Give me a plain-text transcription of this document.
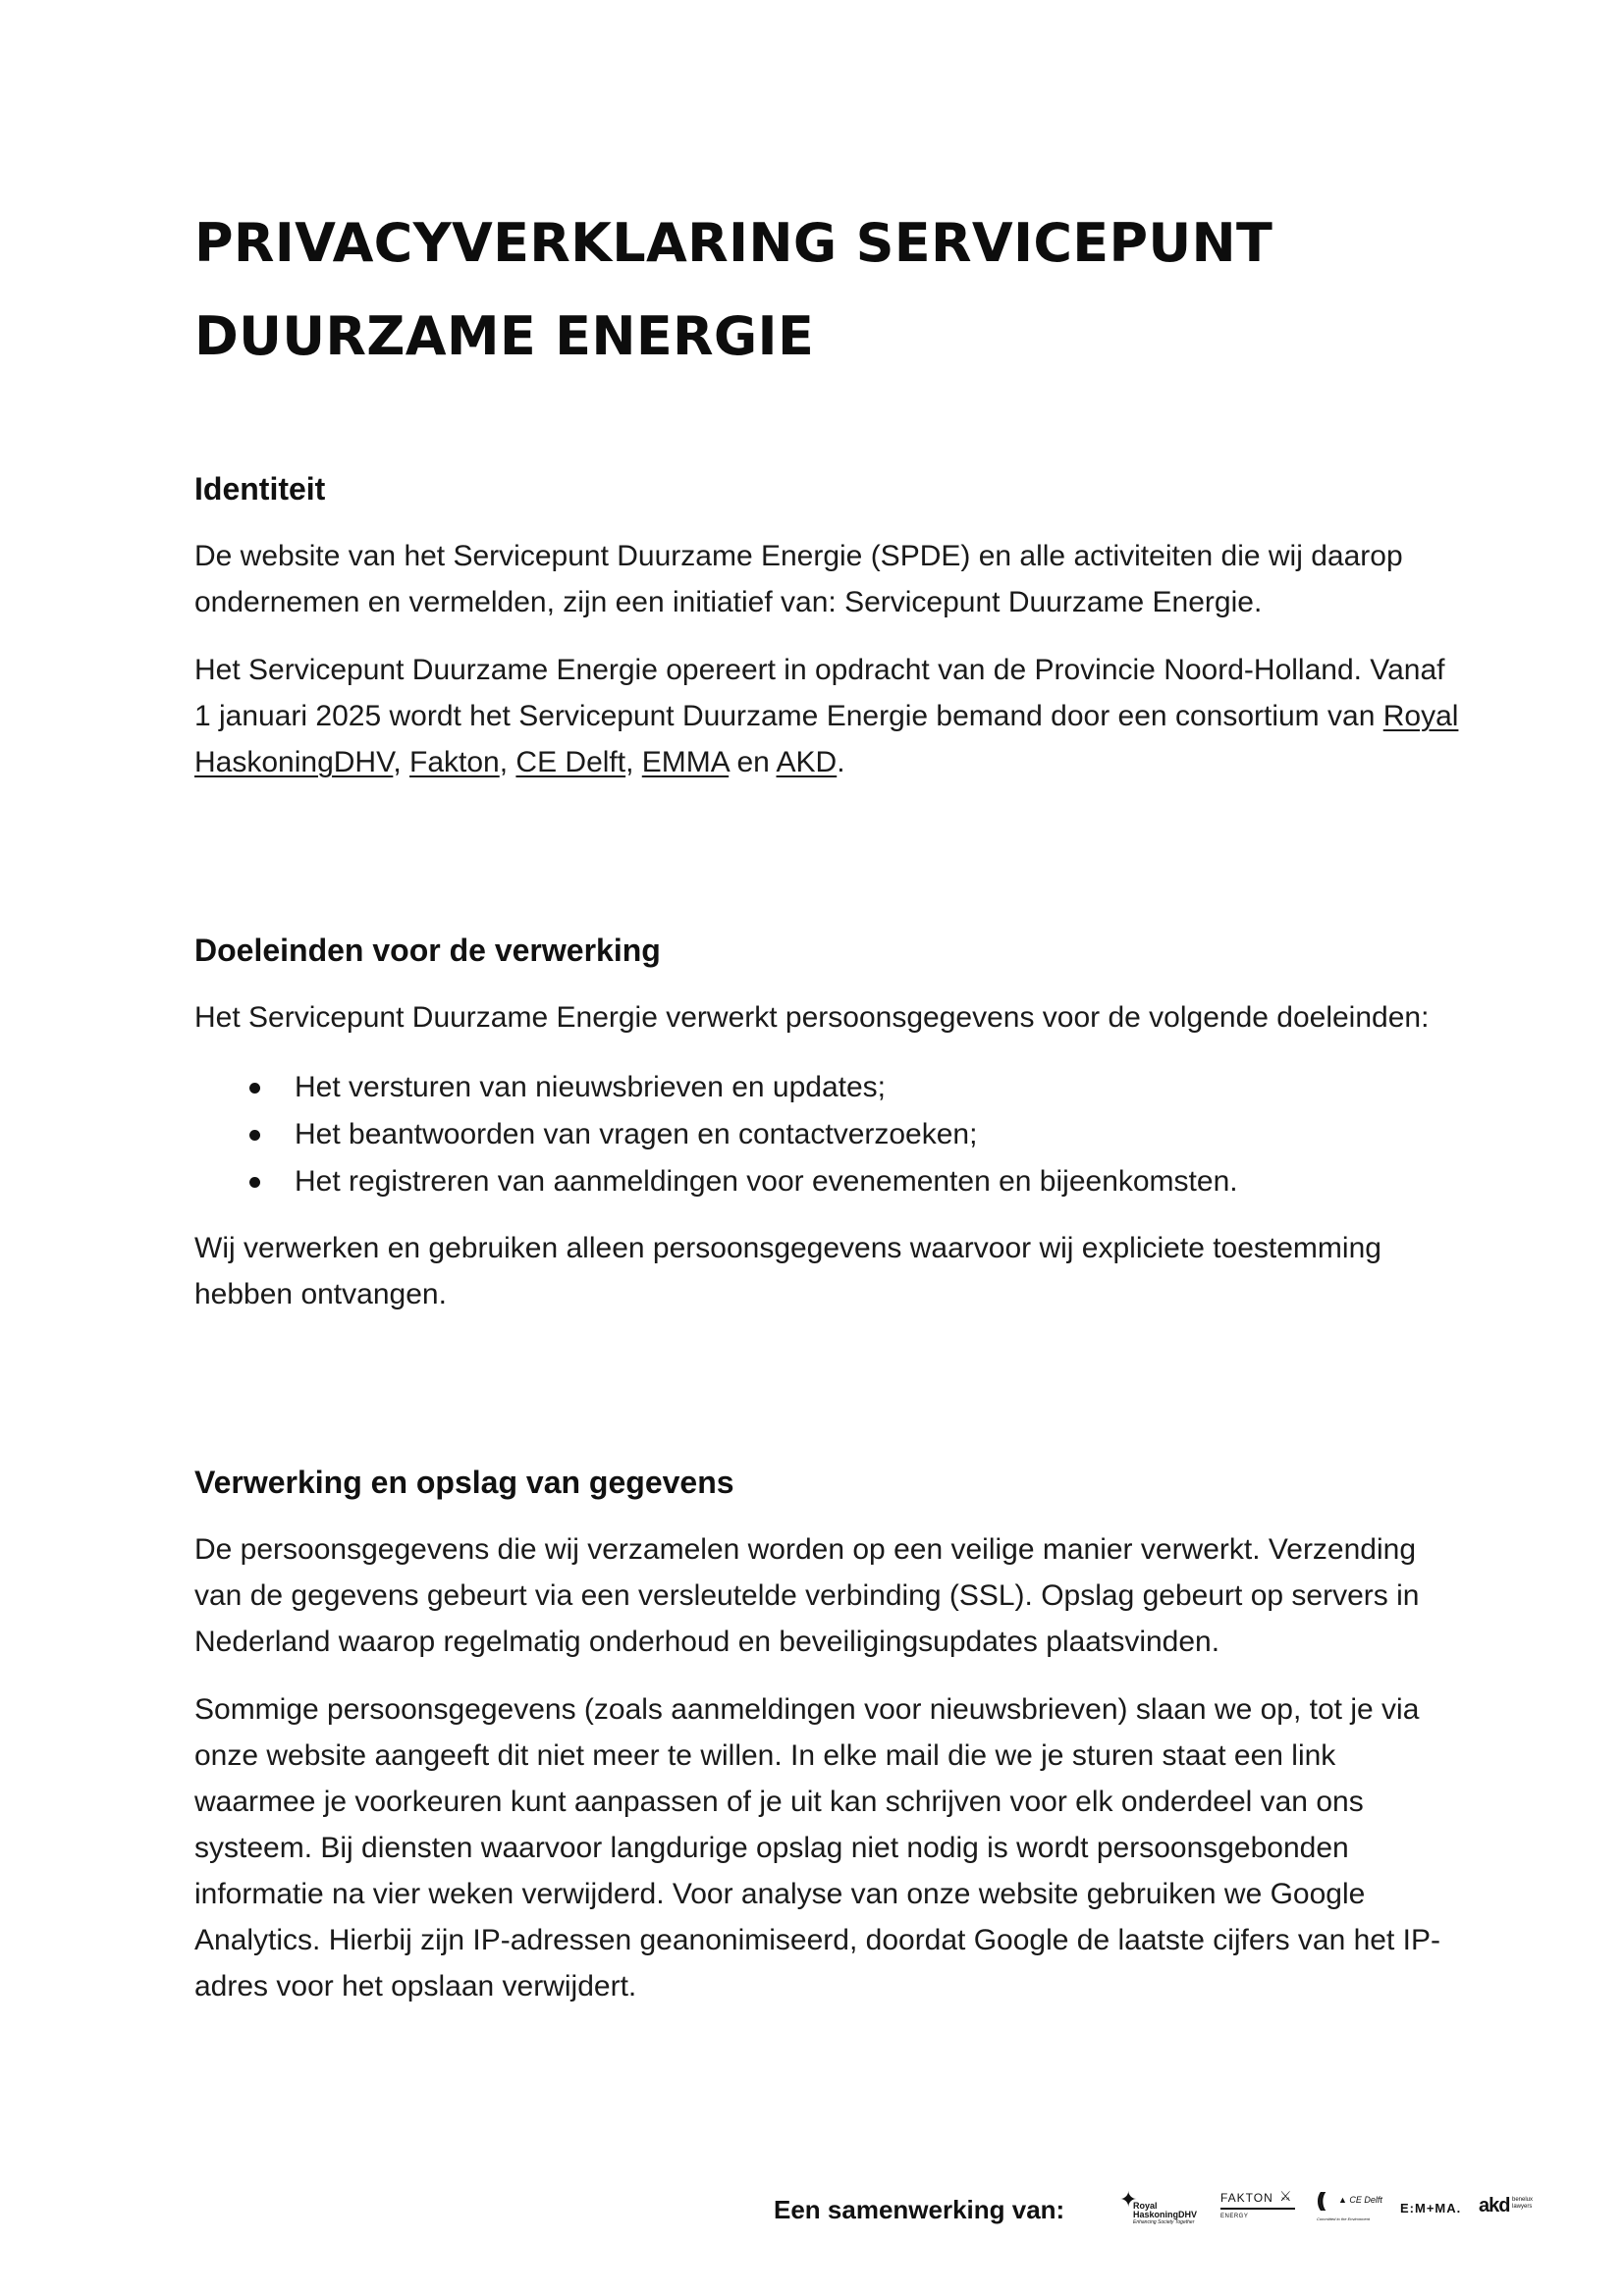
PRIVACYVERKLARING SERVICEPUNT
DUURZAME ENERGIE
Identiteit

De website van het Servicepunt Duurzame Energie (SPDE) en alle activiteiten die wij daarop ondernemen en vermelden, zijn een initiatief van: Servicepunt Duurzame Energie.

Het Servicepunt Duurzame Energie opereert in opdracht van de Provincie Noord-Holland. Vanaf 1 januari 2025 wordt het Servicepunt Duurzame Energie bemand door een consortium van Royal HaskoningDHV, Fakton, CE Delft, EMMA en AKD.

Doeleinden voor de verwerking

Het Servicepunt Duurzame Energie verwerkt persoonsgegevens voor de volgende doeleinden:

Het versturen van nieuwsbrieven en updates;
Het beantwoorden van vragen en contactverzoeken;
Het registreren van aanmeldingen voor evenementen en bijeenkomsten.

Wij verwerken en gebruiken alleen persoonsgegevens waarvoor wij expliciete toestemming hebben ontvangen.

Verwerking en opslag van gegevens

De persoonsgegevens die wij verzamelen worden op een veilige manier verwerkt. Verzending van de gegevens gebeurt via een versleutelde verbinding (SSL). Opslag gebeurt op servers in Nederland waarop regelmatig onderhoud en beveiligingsupdates plaatsvinden.

Sommige persoonsgegevens (zoals aanmeldingen voor nieuwsbrieven) slaan we op, tot je via onze website aangeeft dit niet meer te willen. In elke mail die we je sturen staat een link waarmee je voorkeuren kunt aanpassen of je uit kan schrijven voor elk onderdeel van ons systeem. Bij diensten waarvoor langdurige opslag niet nodig is wordt persoonsgebonden informatie na vier weken verwijderd. Voor analyse van onze website gebruiken we Google Analytics. Hierbij zijn IP-adressen geanonimiseerd, doordat Google de laatste cijfers van het IP-adres voor het opslaan verwijdert.

Een samenwerking van:	✦
Royal
HaskoningDHV
Enhancing Society Together
FAKTON ⚔
ENERGY
(( ▲ CE Delft
Committed to the Environment
E:M+MA. akd benelux lawyers
